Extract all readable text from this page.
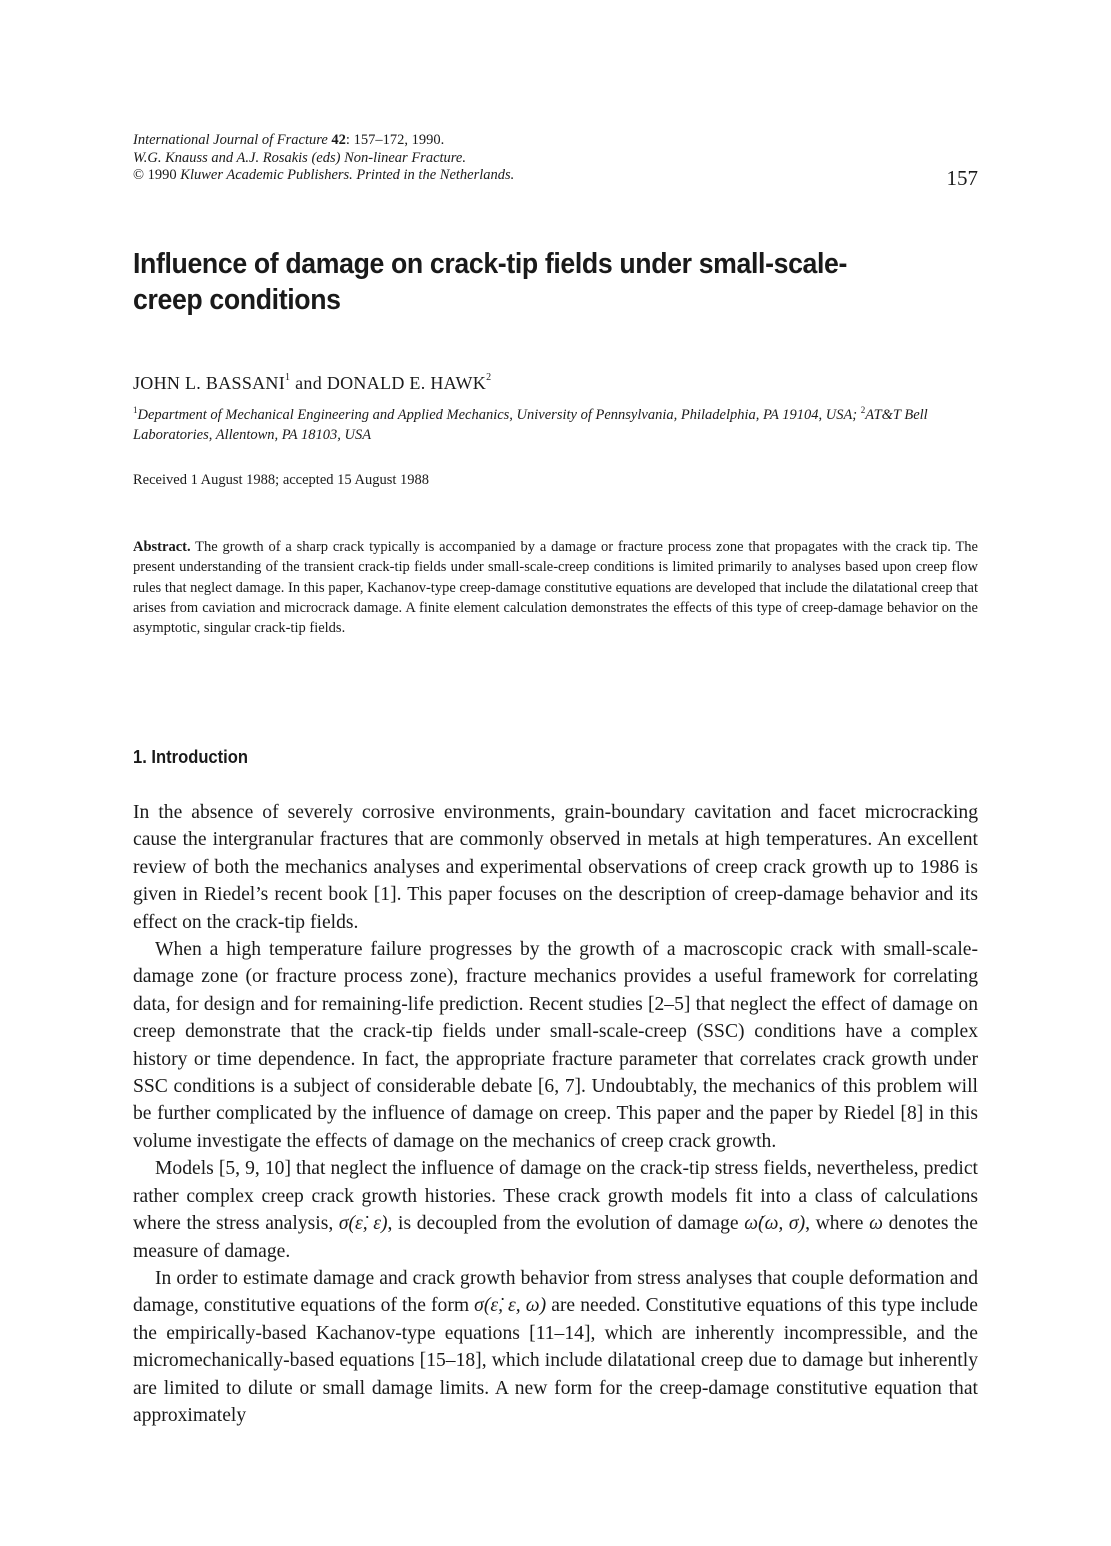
International Journal of Fracture 42: 157–172, 1990.
W.G. Knauss and A.J. Rosakis (eds) Non-linear Fracture.
© 1990 Kluwer Academic Publishers. Printed in the Netherlands.	157
Influence of damage on crack-tip fields under small-scale-creep conditions
JOHN L. BASSANI$^1$ and DONALD E. HAWK$^2$
$^1$Department of Mechanical Engineering and Applied Mechanics, University of Pennsylvania, Philadelphia, PA 19104, USA; $^2$AT&T Bell Laboratories, Allentown, PA 18103, USA
Received 1 August 1988; accepted 15 August 1988
Abstract. The growth of a sharp crack typically is accompanied by a damage or fracture process zone that propagates with the crack tip. The present understanding of the transient crack-tip fields under small-scale-creep conditions is limited primarily to analyses based upon creep flow rules that neglect damage. In this paper, Kachanov-type creep-damage constitutive equations are developed that include the dilatational creep that arises from caviation and microcrack damage. A finite element calculation demonstrates the effects of this type of creep-damage behavior on the asymptotic, singular crack-tip fields.
1. Introduction

In the absence of severely corrosive environments, grain-boundary cavitation and facet microcracking cause the intergranular fractures that are commonly observed in metals at high temperatures. An excellent review of both the mechanics analyses and experimental observations of creep crack growth up to 1986 is given in Riedel’s recent book [1]. This paper focuses on the description of creep-damage behavior and its effect on the crack-tip fields.

When a high temperature failure progresses by the growth of a macroscopic crack with small-scale-damage zone (or fracture process zone), fracture mechanics provides a useful framework for correlating data, for design and for remaining-life prediction. Recent studies [2–5] that neglect the effect of damage on creep demonstrate that the crack-tip fields under small-scale-creep (SSC) conditions have a complex history or time dependence. In fact, the appropriate fracture parameter that correlates crack growth under SSC conditions is a subject of considerable debate [6, 7]. Undoubtably, the mechanics of this problem will be further complicated by the influence of damage on creep. This paper and the paper by Riedel [8] in this volume investigate the effects of damage on the mechanics of creep crack growth.

Models [5, 9, 10] that neglect the influence of damage on the crack-tip stress fields, nevertheless, predict rather complex creep crack growth histories. These crack growth models fit into a class of calculations where the stress analysis, σ(ε̇, ε), is decoupled from the evolution of damage ω̇(ω, σ), where ω denotes the measure of damage.

In order to estimate damage and crack growth behavior from stress analyses that couple deformation and damage, constitutive equations of the form σ(ε̇, ε, ω) are needed. Constitutive equations of this type include the empirically-based Kachanov-type equations [11–14], which are inherently incompressible, and the micromechanically-based equations [15–18], which include dilatational creep due to damage but inherently are limited to dilute or small damage limits. A new form for the creep-damage constitutive equation that approximately
